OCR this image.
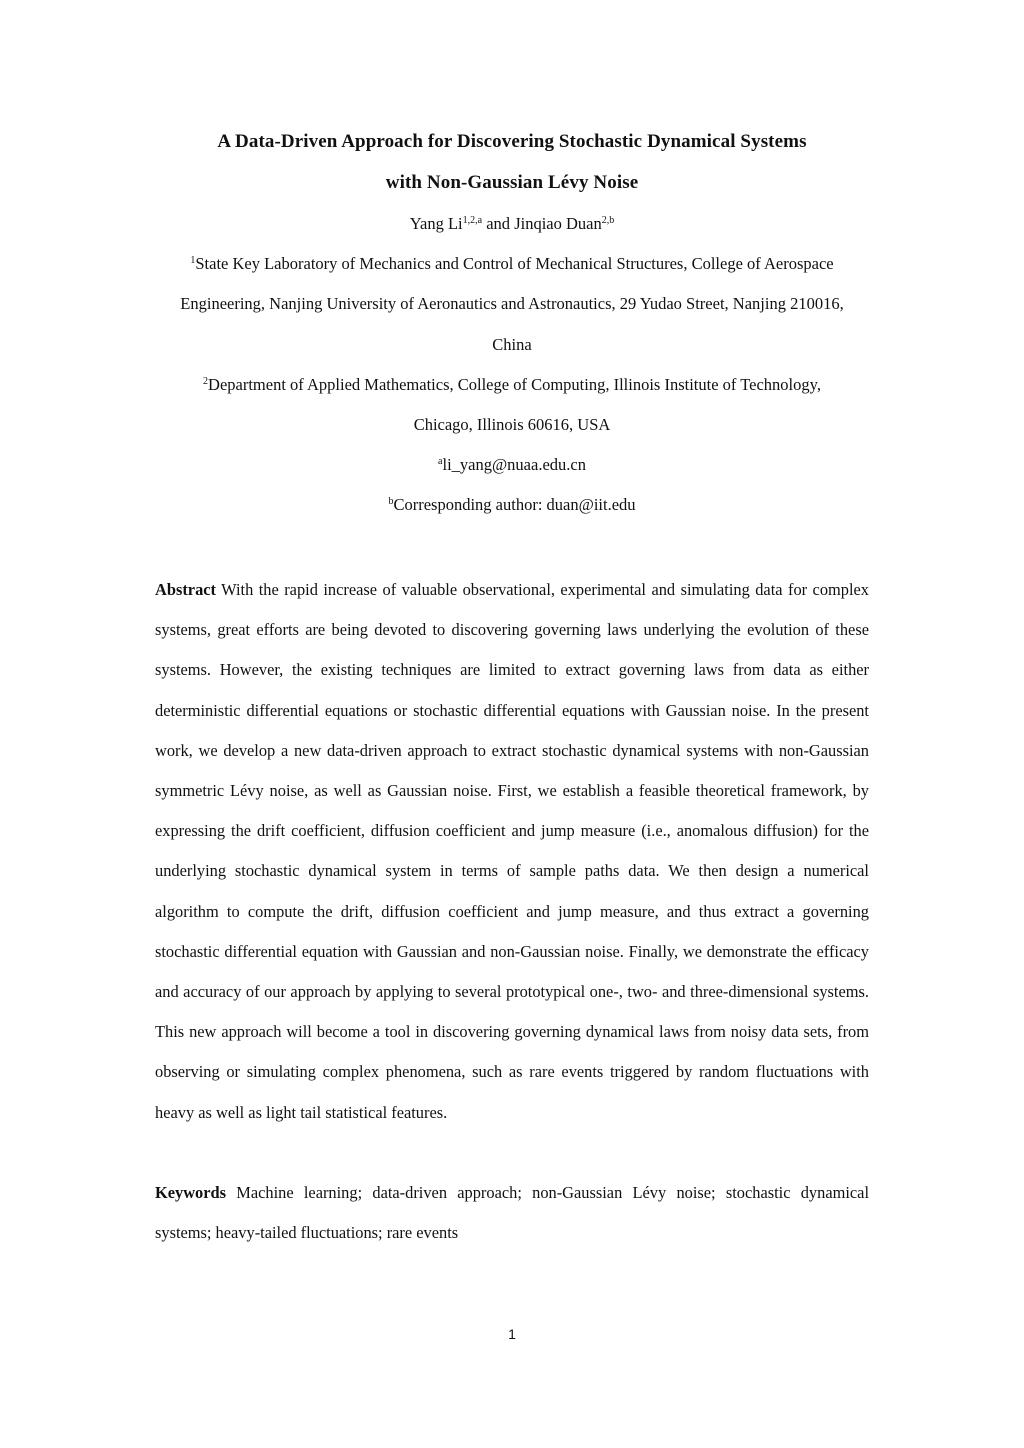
A Data-Driven Approach for Discovering Stochastic Dynamical Systems
with Non-Gaussian Lévy Noise
Yang Li$^{1,2,a}$ and Jinqiao Duan$^{2,b}$
$^1$State Key Laboratory of Mechanics and Control of Mechanical Structures, College of Aerospace
Engineering, Nanjing University of Aeronautics and Astronautics, 29 Yudao Street, Nanjing 210016,
China
$^2$Department of Applied Mathematics, College of Computing, Illinois Institute of Technology,
Chicago, Illinois 60616, USA
$^a$li_yang@nuaa.edu.cn
$^b$Corresponding author: duan@iit.edu
Abstract With the rapid increase of valuable observational, experimental and simulating data for complex systems, great efforts are being devoted to discovering governing laws underlying the evolution of these systems. However, the existing techniques are limited to extract governing laws from data as either deterministic differential equations or stochastic differential equations with Gaussian noise. In the present work, we develop a new data-driven approach to extract stochastic dynamical systems with non-Gaussian symmetric Lévy noise, as well as Gaussian noise. First, we establish a feasible theoretical framework, by expressing the drift coefficient, diffusion coefficient and jump measure (i.e., anomalous diffusion) for the underlying stochastic dynamical system in terms of sample paths data. We then design a numerical algorithm to compute the drift, diffusion coefficient and jump measure, and thus extract a governing stochastic differential equation with Gaussian and non-Gaussian noise. Finally, we demonstrate the efficacy and accuracy of our approach by applying to several prototypical one-, two- and three-dimensional systems. This new approach will become a tool in discovering governing dynamical laws from noisy data sets, from observing or simulating complex phenomena, such as rare events triggered by random fluctuations with heavy as well as light tail statistical features.
Keywords Machine learning; data-driven approach; non-Gaussian Lévy noise; stochastic dynamical systems; heavy-tailed fluctuations; rare events
1
